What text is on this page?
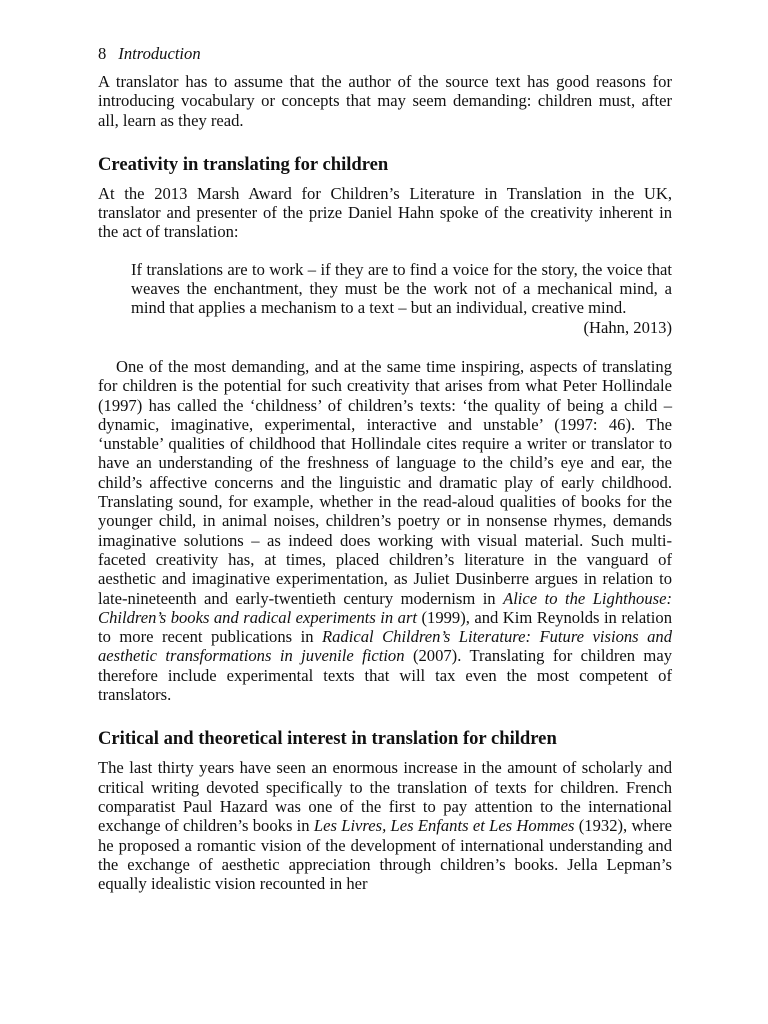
8 Introduction

A translator has to assume that the author of the source text has good reasons for introducing vocabulary or concepts that may seem demanding: children must, after all, learn as they read.

Creativity in translating for children

At the 2013 Marsh Award for Children’s Literature in Translation in the UK, translator and presenter of the prize Daniel Hahn spoke of the creativity inherent in the act of translation:

If translations are to work – if they are to find a voice for the story, the voice that weaves the enchantment, they must be the work not of a mechanical mind, a mind that applies a mechanism to a text – but an individual, creative mind.

(Hahn, 2013)

One of the most demanding, and at the same time inspiring, aspects of translating for children is the potential for such creativity that arises from what Peter Hollindale (1997) has called the ‘childness’ of children’s texts: ‘the quality of being a child – dynamic, imaginative, experimental, interactive and unstable’ (1997: 46). The ‘unstable’ qualities of childhood that Hollindale cites require a writer or translator to have an understanding of the freshness of language to the child’s eye and ear, the child’s affective concerns and the linguistic and dramatic play of early childhood. Translating sound, for example, whether in the read-aloud qualities of books for the younger child, in animal noises, children’s poetry or in nonsense rhymes, demands imaginative solutions – as indeed does working with visual material. Such multi-faceted creativity has, at times, placed children’s literature in the vanguard of aesthetic and imaginative experimentation, as Juliet Dusinberre argues in relation to late-nineteenth and early-twentieth century modernism in Alice to the Lighthouse: Children’s books and radical experiments in art (1999), and Kim Reynolds in relation to more recent publications in Radical Children’s Literature: Future visions and aesthetic transformations in juvenile fiction (2007). Translating for children may therefore include experimental texts that will tax even the most competent of translators.

Critical and theoretical interest in translation for children

The last thirty years have seen an enormous increase in the amount of scholarly and critical writing devoted specifically to the translation of texts for children. French comparatist Paul Hazard was one of the first to pay attention to the international exchange of children’s books in Les Livres, Les Enfants et Les Hommes (1932), where he proposed a romantic vision of the development of international understanding and the exchange of aesthetic appreciation through children’s books. Jella Lepman’s equally idealistic vision recounted in her
